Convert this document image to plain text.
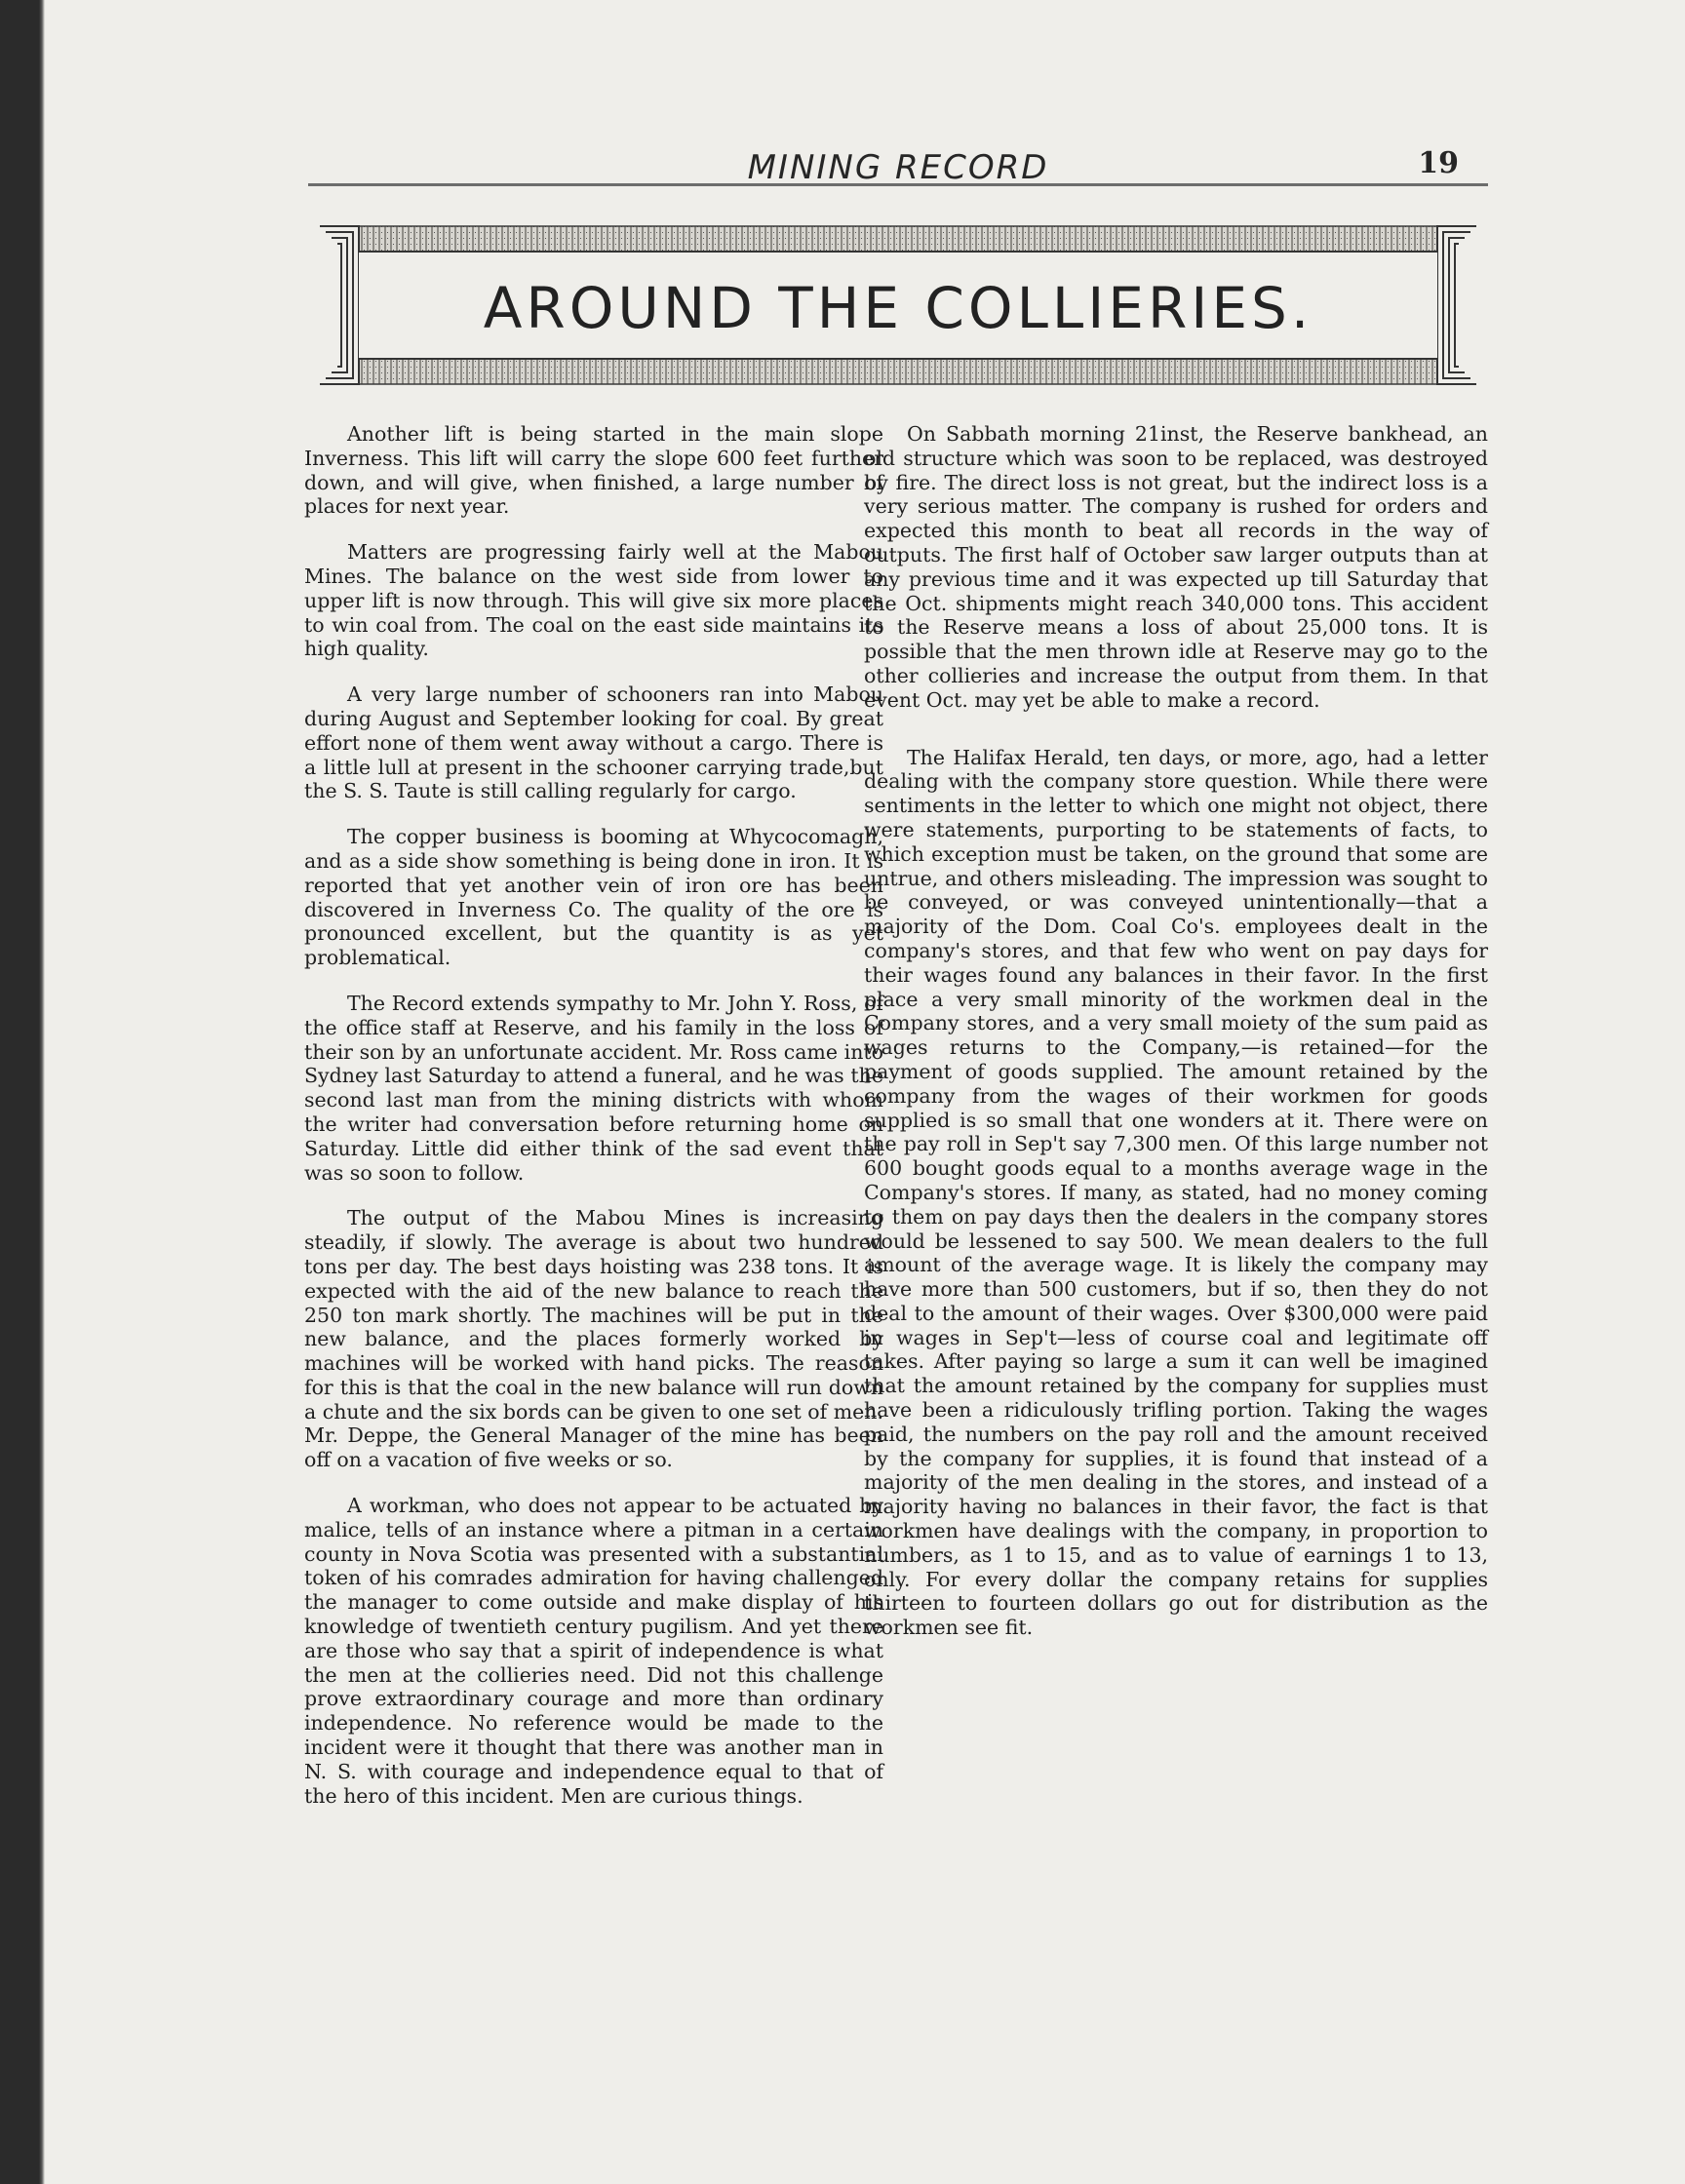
MINING RECORD	19
AROUND THE COLLIERIES.

Another lift is being started in the main slope Inverness. This lift will carry the slope 600 feet further down, and will give, when finished, a large number of places for next year.

Matters are progressing fairly well at the Mabou Mines. The balance on the west side from lower to upper lift is now through. This will give six more places to win coal from. The coal on the east side maintains its high quality.

A very large number of schooners ran into Mabou during August and September looking for coal. By great effort none of them went away without a cargo. There is a little lull at present in the schooner carrying trade,but the S. S. Taute is still calling regularly for cargo.

The copper business is booming at Whycocomagh, and as a side show something is being done in iron. It is reported that yet another vein of iron ore has been discovered in Inverness Co. The quality of the ore is pronounced excellent, but the quantity is as yet problematical.

The Record extends sympathy to Mr. John Y. Ross, of the office staff at Reserve, and his family in the loss of their son by an unfortunate accident. Mr. Ross came into Sydney last Saturday to attend a funeral, and he was the second last man from the mining districts with whom the writer had conversation before returning home on Saturday. Little did either think of the sad event that was so soon to follow.

The output of the Mabou Mines is increasing steadily, if slowly. The average is about two hundred tons per day. The best days hoisting was 238 tons. It is expected with the aid of the new balance to reach the 250 ton mark shortly. The machines will be put in the new balance, and the places formerly worked by machines will be worked with hand picks. The reason for this is that the coal in the new balance will run down a chute and the six bords can be given to one set of men. Mr. Deppe, the General Manager of the mine has been off on a vacation of five weeks or so.

A workman, who does not appear to be actuated by malice, tells of an instance where a pitman in a certain county in Nova Scotia was presented with a substantial token of his comrades admiration for having challenged the manager to come outside and make display of his knowledge of twentieth century pugilism. And yet there are those who say that a spirit of independence is what the men at the collieries need. Did not this challenge prove extraordinary courage and more than ordinary independence. No reference would be made to the incident were it thought that there was another man in N. S. with courage and independence equal to that of the hero of this incident. Men are curious things.

On Sabbath morning 21inst, the Reserve bankhead, an old structure which was soon to be replaced, was destroyed by fire. The direct loss is not great, but the indirect loss is a very serious matter. The company is rushed for orders and expected this month to beat all records in the way of outputs. The first half of October saw larger outputs than at any previous time and it was expected up till Saturday that the Oct. shipments might reach 340,000 tons. This accident to the Reserve means a loss of about 25,000 tons. It is possible that the men thrown idle at Reserve may go to the other collieries and increase the output from them. In that event Oct. may yet be able to make a record.

The Halifax Herald, ten days, or more, ago, had a letter dealing with the company store question. While there were sentiments in the letter to which one might not object, there were statements, purporting to be statements of facts, to which exception must be taken, on the ground that some are untrue, and others misleading. The impression was sought to be conveyed, or was conveyed unintentionally—that a majority of the Dom. Coal Co's. employees dealt in the company's stores, and that few who went on pay days for their wages found any balances in their favor. In the first place a very small minority of the workmen deal in the Company stores, and a very small moiety of the sum paid as wages returns to the Company,—is retained—for the payment of goods supplied. The amount retained by the company from the wages of their workmen for goods supplied is so small that one wonders at it. There were on the pay roll in Sep't say 7,300 men. Of this large number not 600 bought goods equal to a months average wage in the Company's stores. If many, as stated, had no money coming to them on pay days then the dealers in the company stores would be lessened to say 500. We mean dealers to the full amount of the average wage. It is likely the company may have more than 500 customers, but if so, then they do not deal to the amount of their wages. Over $300,000 were paid in wages in Sep't—less of course coal and legitimate off takes. After paying so large a sum it can well be imagined that the amount retained by the company for supplies must have been a ridiculously trifling portion. Taking the wages paid, the numbers on the pay roll and the amount received by the company for supplies, it is found that instead of a majority of the men dealing in the stores, and instead of a majority having no balances in their favor, the fact is that workmen have dealings with the company, in proportion to numbers, as 1 to 15, and as to value of earnings 1 to 13, only. For every dollar the company retains for supplies thirteen to fourteen dollars go out for distribution as the workmen see fit.
